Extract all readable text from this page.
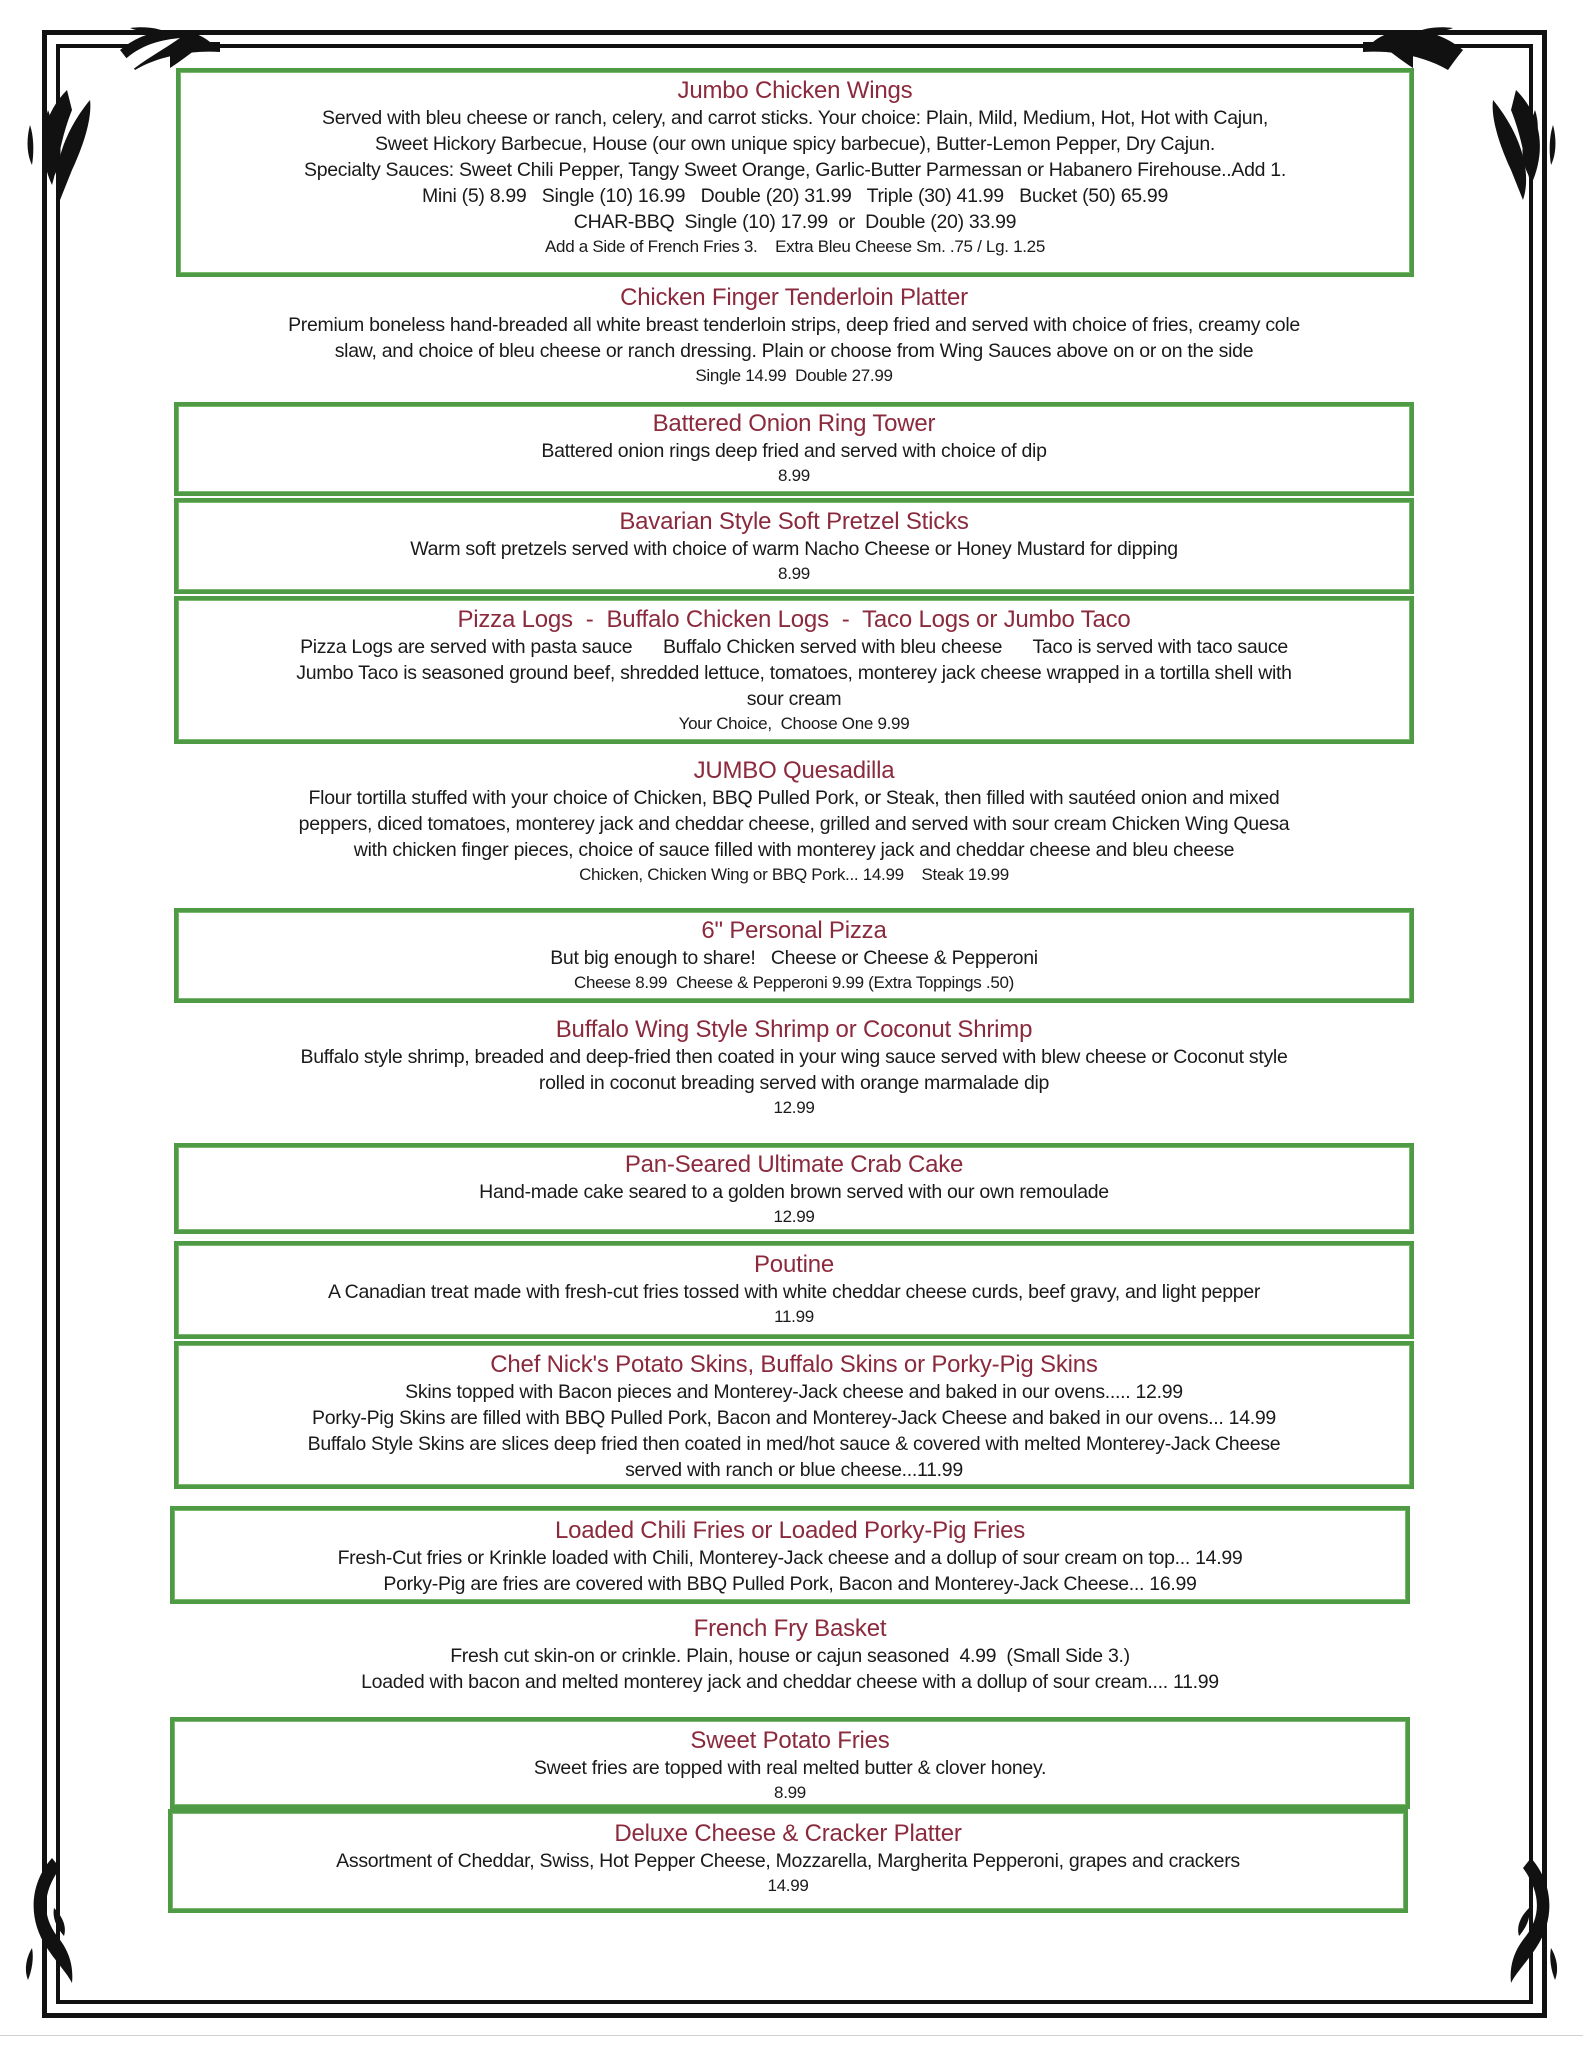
Jumbo Chicken Wings
Served with bleu cheese or ranch, celery, and carrot sticks. Your choice: Plain, Mild, Medium, Hot, Hot with Cajun,
Sweet Hickory Barbecue, House (our own unique spicy barbecue), Butter-Lemon Pepper, Dry Cajun.
Specialty Sauces: Sweet Chili Pepper, Tangy Sweet Orange, Garlic-Butter Parmessan or Habanero Firehouse..Add 1.
Mini (5) 8.99   Single (10) 16.99   Double (20) 31.99   Triple (30) 41.99   Bucket (50) 65.99
CHAR-BBQ  Single (10) 17.99  or  Double (20) 33.99
Add a Side of French Fries 3.    Extra Bleu Cheese Sm. .75 / Lg. 1.25
Chicken Finger Tenderloin Platter
Premium boneless hand-breaded all white breast tenderloin strips, deep fried and served with choice of fries, creamy cole
slaw, and choice of bleu cheese or ranch dressing. Plain or choose from Wing Sauces above on or on the side
Single 14.99  Double 27.99
Battered Onion Ring Tower
Battered onion rings deep fried and served with choice of dip
8.99
Bavarian Style Soft Pretzel Sticks
Warm soft pretzels served with choice of warm Nacho Cheese or Honey Mustard for dipping
8.99
Pizza Logs  -  Buffalo Chicken Logs  -  Taco Logs or Jumbo Taco
Pizza Logs are served with pasta sauce      Buffalo Chicken served with bleu cheese      Taco is served with taco sauce
Jumbo Taco is seasoned ground beef, shredded lettuce, tomatoes, monterey jack cheese wrapped in a tortilla shell with
sour cream
Your Choice,  Choose One 9.99
JUMBO Quesadilla
Flour tortilla stuffed with your choice of Chicken, BBQ Pulled Pork, or Steak, then filled with sautéed onion and mixed
peppers, diced tomatoes, monterey jack and cheddar cheese, grilled and served with sour cream Chicken Wing Quesa
with chicken finger pieces, choice of sauce filled with monterey jack and cheddar cheese and bleu cheese
Chicken, Chicken Wing or BBQ Pork... 14.99    Steak 19.99
6" Personal Pizza
But big enough to share!   Cheese or Cheese & Pepperoni
Cheese 8.99  Cheese & Pepperoni 9.99 (Extra Toppings .50)
Buffalo Wing Style Shrimp or Coconut Shrimp
Buffalo style shrimp, breaded and deep-fried then coated in your wing sauce served with blew cheese or Coconut style
rolled in coconut breading served with orange marmalade dip
12.99
Pan-Seared Ultimate Crab Cake
Hand-made cake seared to a golden brown served with our own remoulade
12.99
Poutine
A Canadian treat made with fresh-cut fries tossed with white cheddar cheese curds, beef gravy, and light pepper
11.99
Chef Nick's Potato Skins, Buffalo Skins or Porky-Pig Skins
Skins topped with Bacon pieces and Monterey-Jack cheese and baked in our ovens..... 12.99
Porky-Pig Skins are filled with BBQ Pulled Pork, Bacon and Monterey-Jack Cheese and baked in our ovens... 14.99
Buffalo Style Skins are slices deep fried then coated in med/hot sauce & covered with melted Monterey-Jack Cheese
served with ranch or blue cheese...11.99
Loaded Chili Fries or Loaded Porky-Pig Fries
Fresh-Cut fries or Krinkle loaded with Chili, Monterey-Jack cheese and a dollup of sour cream on top... 14.99
Porky-Pig are fries are covered with BBQ Pulled Pork, Bacon and Monterey-Jack Cheese... 16.99
French Fry Basket
Fresh cut skin-on or crinkle. Plain, house or cajun seasoned  4.99  (Small Side 3.)
Loaded with bacon and melted monterey jack and cheddar cheese with a dollup of sour cream.... 11.99
Sweet Potato Fries
Sweet fries are topped with real melted butter & clover honey.
8.99
Deluxe Cheese & Cracker Platter
Assortment of Cheddar, Swiss, Hot Pepper Cheese, Mozzarella, Margherita Pepperoni, grapes and crackers
14.99
